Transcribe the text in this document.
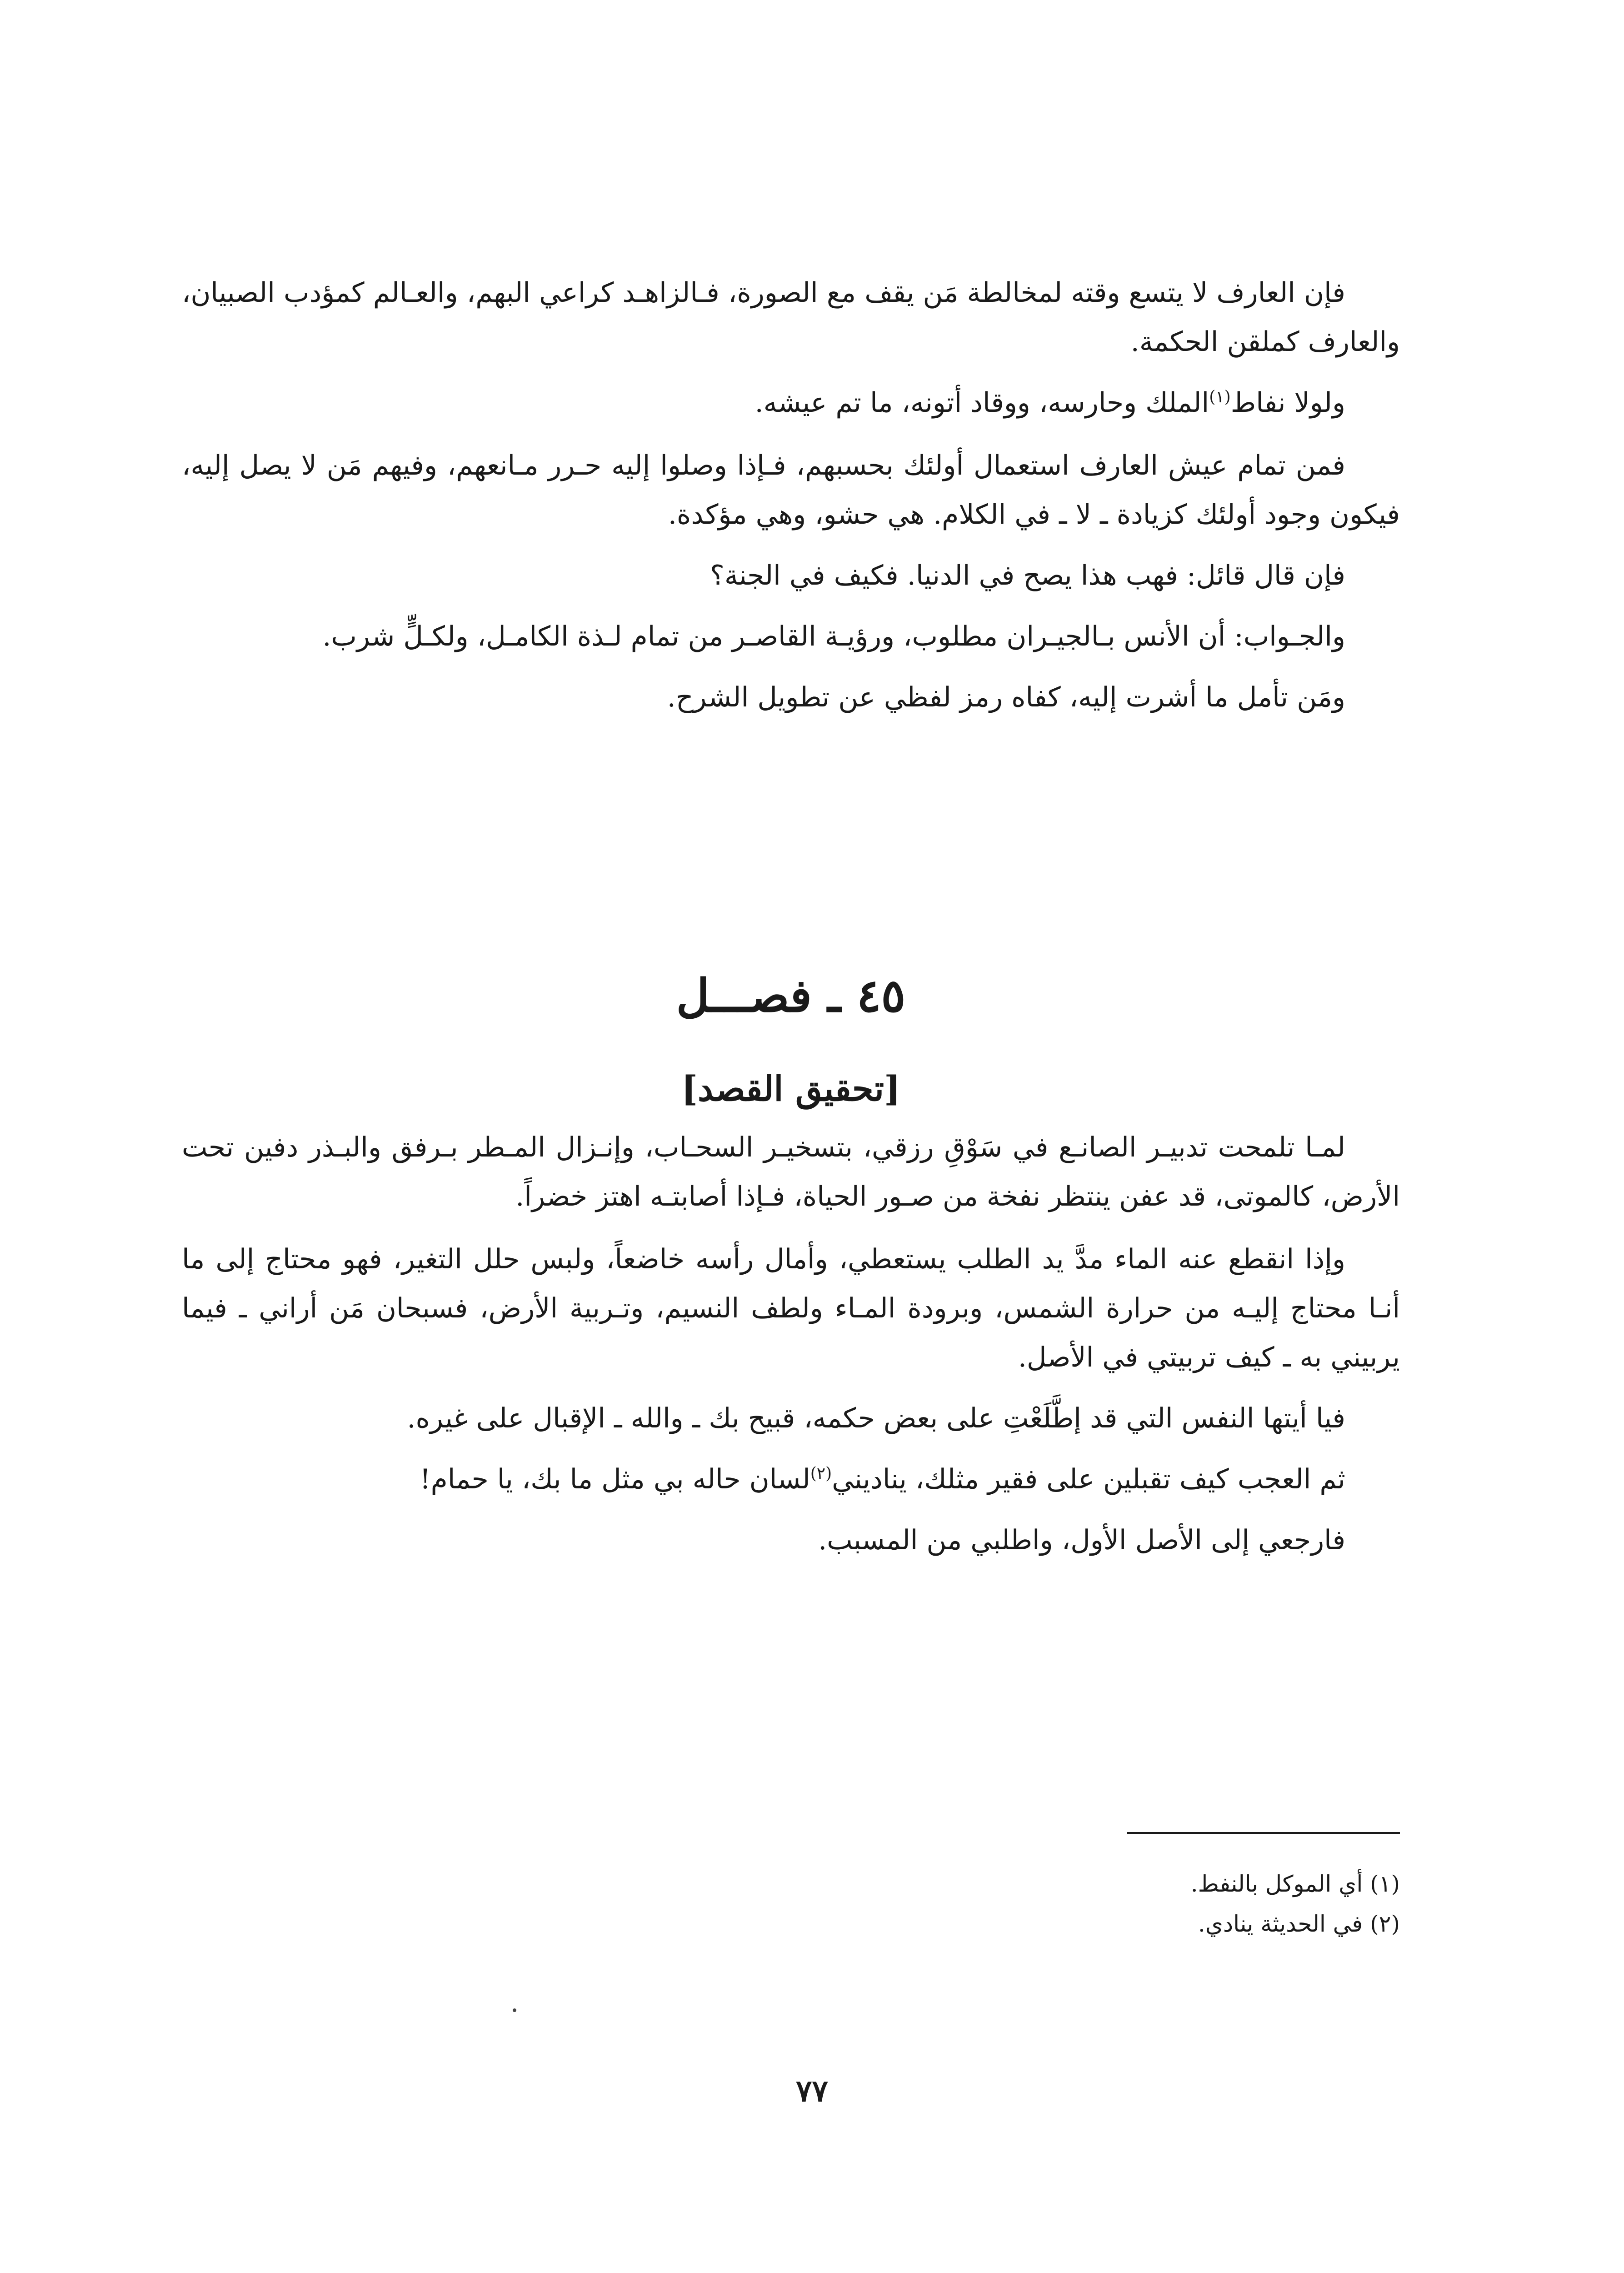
فإن العارف لا يتسع وقته لمخالطة مَن يقف مع الصورة، فـالزاهـد كراعي البهم، والعـالم كمؤدب الصبيان، والعارف كملقن الحكمة.

ولولا نفاط$^{(١)}$الملك وحارسه، ووقاد أتونه، ما تم عيشه.

فمن تمام عيش العارف استعمال أولئك بحسبهم، فـإذا وصلوا إليه حـرر مـانعهم، وفيهم مَن لا يصل إليه، فيكون وجود أولئك كزيادة ـ لا ـ في الكلام. هي حشو، وهي مؤكدة.

فإن قال قائل: فهب هذا يصح في الدنيا. فكيف في الجنة؟

والجـواب: أن الأنس بـالجيـران مطلوب، ورؤيـة القاصـر من تمام لـذة الكامـل، ولكـلٍّ شرب.

ومَن تأمل ما أشرت إليه، كفاه رمز لفظي عن تطويل الشرح.

٤٥ ـ فصـــل
[تحقيق القصد]

لمـا تلمحت تدبيـر الصانـع في سَوْقِ رزقي، بتسخيـر السحـاب، وإنـزال المـطر بـرفق والبـذر دفين تحت الأرض، كالموتى، قد عفن ينتظر نفخة من صـور الحياة، فـإذا أصابتـه اهتز خضراً.

وإذا انقطع عنه الماء مدَّ يد الطلب يستعطي، وأمال رأسه خاضعاً، ولبس حلل التغير، فهو محتاج إلى ما أنـا محتاج إليـه من حرارة الشمس، وبرودة المـاء ولطف النسيم، وتـربية الأرض، فسبحان مَن أراني ـ فيما يربيني به ـ كيف تربيتي في الأصل.

فيا أيتها النفس التي قد إطَّلَعْتِ على بعض حكمه، قبيح بك ـ والله ـ الإقبال على غيره.

ثم العجب كيف تقبلين على فقير مثلك، يناديني$^{(٢)}$لسان حاله بي مثل ما بك، يا حمام!

فارجعي إلى الأصل الأول، واطلبي من المسبب.

(١) أي الموكل بالنفط.

(٢) في الحديثة ينادي.

٧٧
